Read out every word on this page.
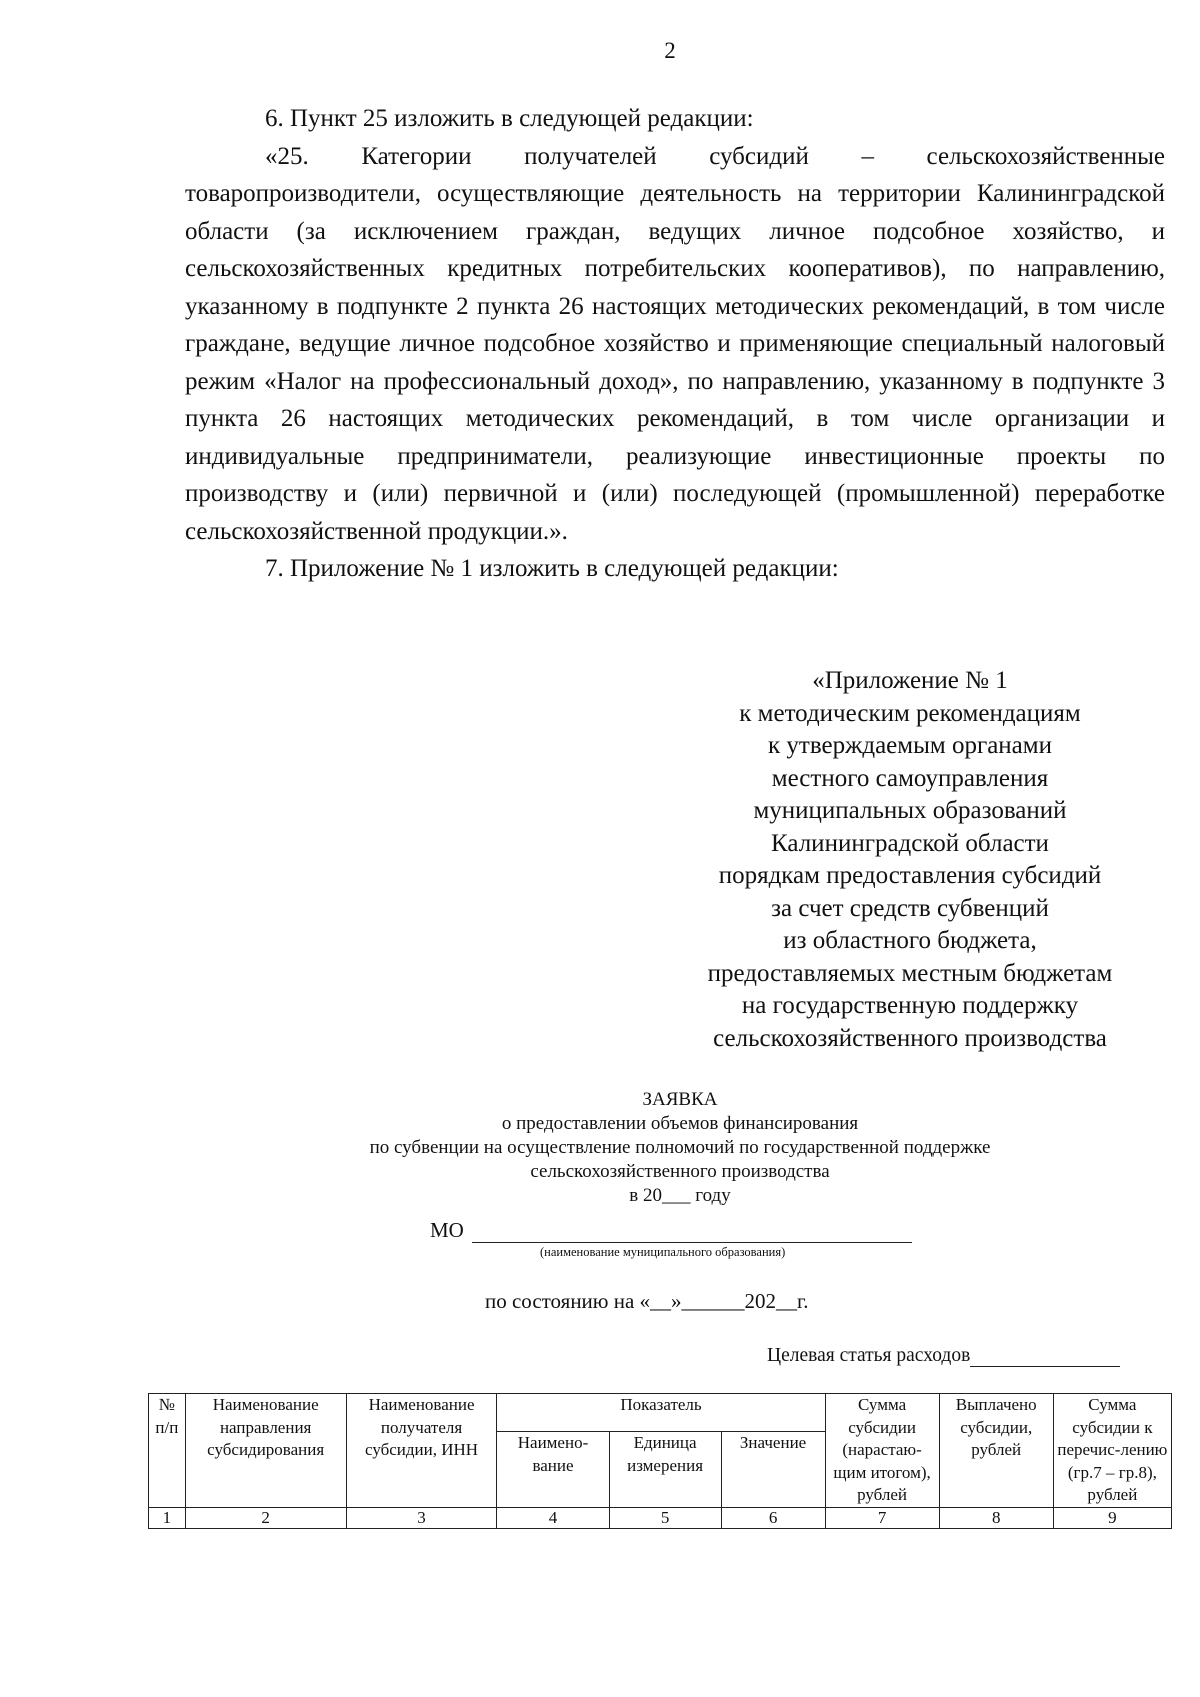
2

6. Пункт 25 изложить в следующей редакции:

«25. Категории получателей субсидий – сельскохозяйственные товаропроизводители, осуществляющие деятельность на территории Калининградской области (за исключением граждан, ведущих личное подсобное хозяйство, и сельскохозяйственных кредитных потребительских кооперативов), по направлению, указанному в подпункте 2 пункта 26 настоящих методических рекомендаций, в том числе граждане, ведущие личное подсобное хозяйство и применяющие специальный налоговый режим «Налог на профессиональный доход», по направлению, указанному в подпункте 3 пункта 26 настоящих методических рекомендаций, в том числе организации и индивидуальные предприниматели, реализующие инвестиционные проекты по производству и (или) первичной и (или) последующей (промышленной) переработке сельскохозяйственной продукции.».

7. Приложение № 1 изложить в следующей редакции:

«Приложение № 1
к методическим рекомендациям
к утверждаемым органами
местного самоуправления
муниципальных образований
Калининградской области
порядкам предоставления субсидий
за счет средств субвенций
из областного бюджета,
предоставляемых местным бюджетам
на государственную поддержку
сельскохозяйственного производства
ЗАЯВКА
о предоставлении объемов финансирования
по субвенции на осуществление полномочий по государственной поддержке
сельскохозяйственного производства
в 20___ году
МО
(наименование муниципального образования)
по состоянию на «__»______202__г.
Целевая статья расходов
№ п/п	Наименование направления субсидирования	Наименование получателя субсидии, ИНН	Показатель			Сумма субсидии (нарастаю-щим итогом), рублей	Выплачено субсидии, рублей	Сумма субсидии к перечис-лению (гр.7 – гр.8), рублей
			Наимено-вание	Единица измерения	Значение			
1	2	3	4	5	6	7	8	9
